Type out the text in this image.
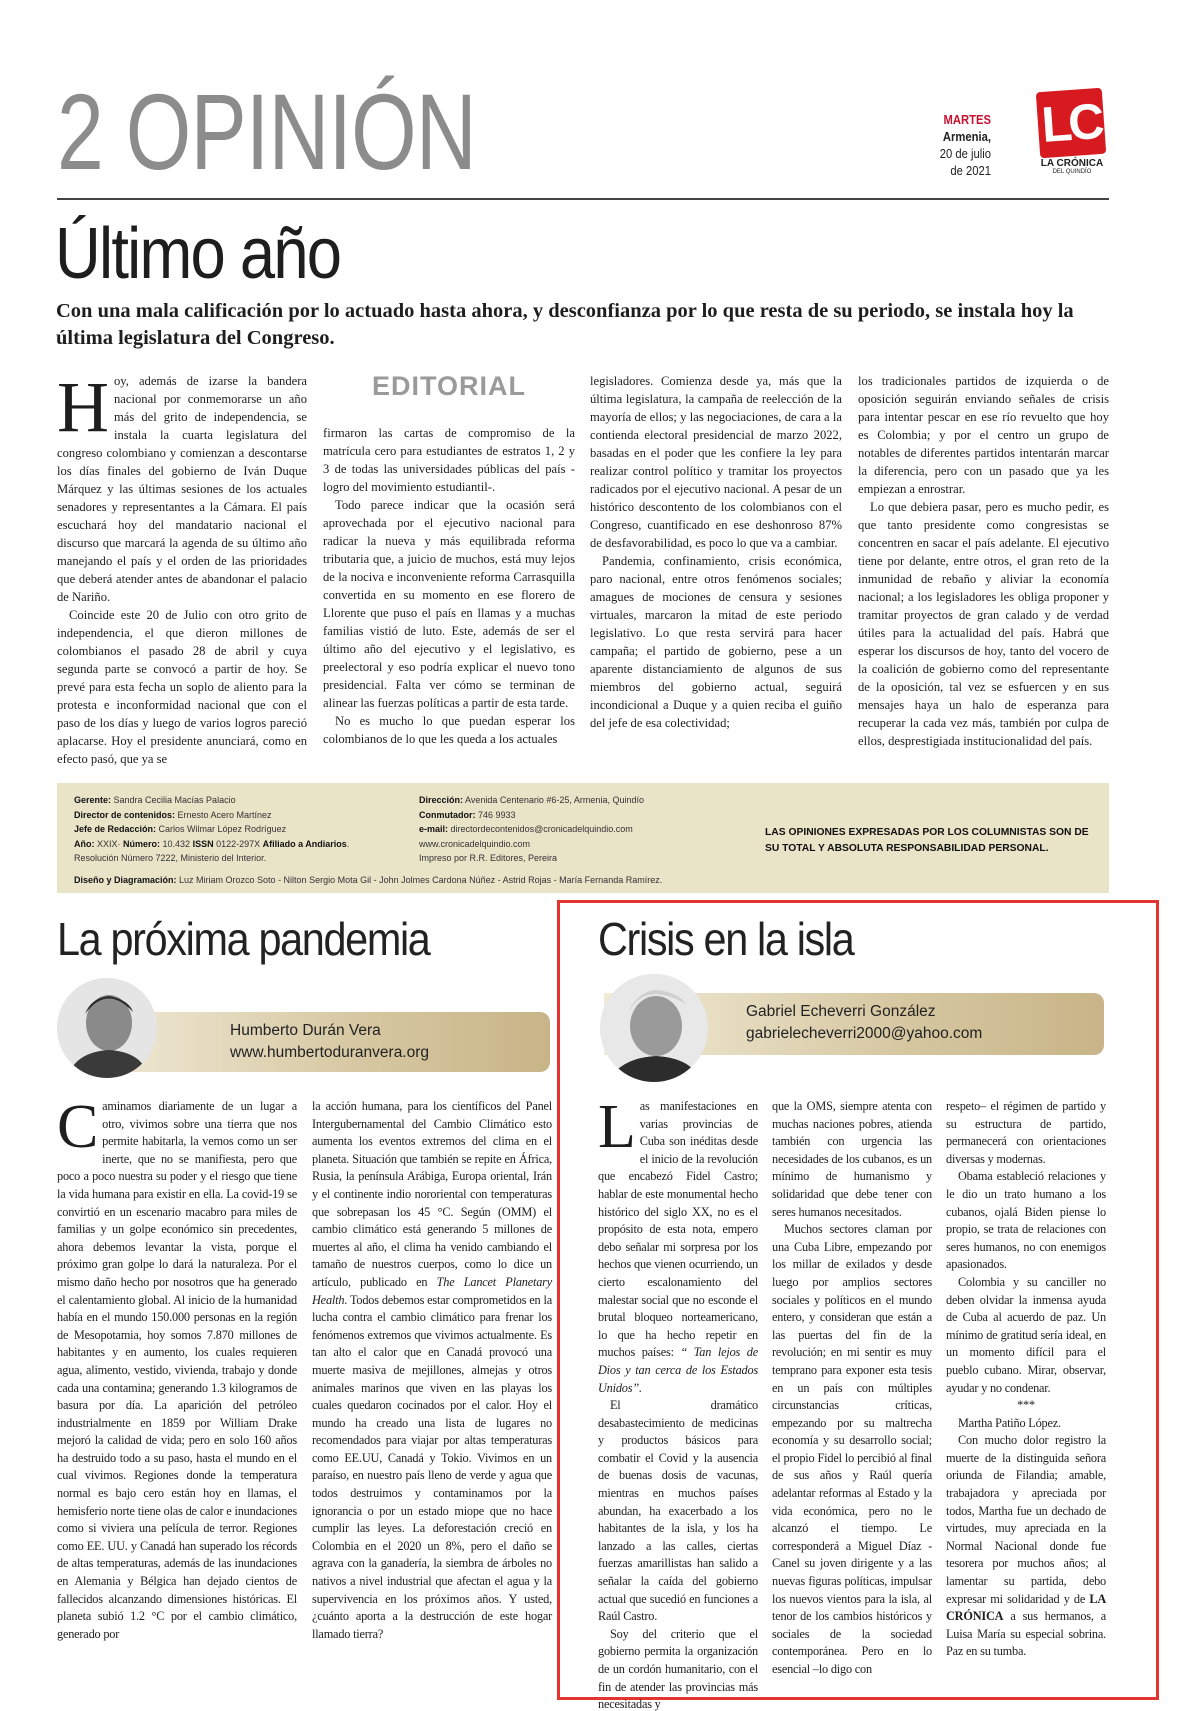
2 OPINIÓN	MARTES
Armenia,
20 de julio
de 2021
LC
LA CRÓNICA
DEL QUINDÍO
Último año
Con una mala calificación por lo actuado hasta ahora, y desconfianza por lo que resta de su periodo, se instala hoy la última legislatura del Congreso.

Hoy, además de izarse la bandera nacional por conmemorarse un año más del grito de independencia, se instala la cuarta legislatura del congreso colombiano y comienzan a descontarse los días finales del gobierno de Iván Duque Márquez y las últimas sesiones de los actuales senadores y representantes a la Cámara. El país escuchará hoy del mandatario nacional el discurso que marcará la agenda de su último año manejando el país y el orden de las prioridades que deberá atender antes de abandonar el palacio de Nariño.

Coincide este 20 de Julio con otro grito de independencia, el que dieron millones de colombianos el pasado 28 de abril y cuya segunda parte se convocó a partir de hoy. Se prevé para esta fecha un soplo de aliento para la protesta e inconformidad nacional que con el paso de los días y luego de varios logros pareció aplacarse. Hoy el presidente anunciará, como en efecto pasó, que ya se

EDITORIAL

firmaron las cartas de compromiso de la matrícula cero para estudiantes de estratos 1, 2 y 3 de todas las universidades públicas del país -logro del movimiento estudiantil-.

Todo parece indicar que la ocasión será aprovechada por el ejecutivo nacional para radicar la nueva y más equilibrada reforma tributaria que, a juicio de muchos, está muy lejos de la nociva e inconveniente reforma Carrasquilla convertida en su momento en ese florero de Llorente que puso el país en llamas y a muchas familias vistió de luto. Este, además de ser el último año del ejecutivo y el legislativo, es preelectoral y eso podría explicar el nuevo tono presidencial. Falta ver cómo se terminan de alinear las fuerzas políticas a partir de esta tarde.

No es mucho lo que puedan esperar los colombianos de lo que les queda a los actuales

legisladores. Comienza desde ya, más que la última legislatura, la campaña de reelección de la mayoría de ellos; y las negociaciones, de cara a la contienda electoral presidencial de marzo 2022, basadas en el poder que les confiere la ley para realizar control político y tramitar los proyectos radicados por el ejecutivo nacional. A pesar de un histórico descontento de los colombianos con el Congreso, cuantificado en ese deshonroso 87% de desfavorabilidad, es poco lo que va a cambiar.

Pandemia, confinamiento, crisis económica, paro nacional, entre otros fenómenos sociales; amagues de mociones de censura y sesiones virtuales, marcaron la mitad de este periodo legislativo. Lo que resta servirá para hacer campaña; el partido de gobierno, pese a un aparente distanciamiento de algunos de sus miembros del gobierno actual, seguirá incondicional a Duque y a quien reciba el guiño del jefe de esa colectividad;

los tradicionales partidos de izquierda o de oposición seguirán enviando señales de crisis para intentar pescar en ese río revuelto que hoy es Colombia; y por el centro un grupo de notables de diferentes partidos intentarán marcar la diferencia, pero con un pasado que ya les empiezan a enrostrar.

Lo que debiera pasar, pero es mucho pedir, es que tanto presidente como congresistas se concentren en sacar el país adelante. El ejecutivo tiene por delante, entre otros, el gran reto de la inmunidad de rebaño y aliviar la economía nacional; a los legisladores les obliga proponer y tramitar proyectos de gran calado y de verdad útiles para la actualidad del país. Habrá que esperar los discursos de hoy, tanto del vocero de la coalición de gobierno como del representante de la oposición, tal vez se esfuercen y en sus mensajes haya un halo de esperanza para recuperar la cada vez más, también por culpa de ellos, desprestigiada institucionalidad del país.

Gerente: Sandra Cecilia Macías Palacio
Director de contenidos: Ernesto Acero Martínez
Jefe de Redacción: Carlos Wilmar López Rodríguez
Año: XXIX· Número: 10.432 ISSN 0122-297X Afiliado a Andiarios.
Resolución Número 7222, Ministerio del Interior.
Dirección: Avenida Centenario #6-25, Armenia, Quindío
Conmutador: 746 9933
e-mail: directordecontenidos@cronicadelquindio.com
www.cronicadelquindio.com
Impreso por R.R. Editores, Pereira
Diseño y Diagramación: Luz Miriam Orozco Soto - Nilton Sergio Mota Gil - John Jolmes Cardona Núñez - Astrid Rojas - María Fernanda Ramírez.
LAS OPINIONES EXPRESADAS POR LOS COLUMNISTAS SON DE SU TOTAL Y ABSOLUTA RESPONSABILIDAD PERSONAL.
La próxima pandemia
Humberto Durán Vera
www.humbertoduranvera.org

Caminamos diariamente de un lugar a otro, vivimos sobre una tierra que nos permite habitarla, la vemos como un ser inerte, que no se manifiesta, pero que poco a poco nuestra su poder y el riesgo que tiene la vida humana para existir en ella. La covid-19 se convirtió en un escenario macabro para miles de familias y un golpe económico sin precedentes, ahora debemos levantar la vista, porque el próximo gran golpe lo dará la naturaleza. Por el mismo daño hecho por nosotros que ha generado el calentamiento global. Al inicio de la humanidad había en el mundo 150.000 personas en la región de Mesopotamia, hoy somos 7.870 millones de habitantes y en aumento, los cuales requieren agua, alimento, vestido, vivienda, trabajo y donde cada una contamina; generando 1.3 kilogramos de basura por día. La aparición del petróleo industrialmente en 1859 por William Drake mejoró la calidad de vida; pero en solo 160 años ha destruido todo a su paso, hasta el mundo en el cual vivimos. Regiones donde la temperatura normal es bajo cero están hoy en llamas, el hemisferio norte tiene olas de calor e inundaciones como si viviera una película de terror. Regiones como EE. UU. y Canadá han superado los récords de altas temperaturas, además de las inundaciones en Alemania y Bélgica han dejado cientos de fallecidos alcanzando dimensiones históricas. El planeta subió 1.2 °C por el cambio climático, generado por

la acción humana, para los científicos del Panel Intergubernamental del Cambio Climático esto aumenta los eventos extremos del clima en el planeta. Situación que también se repite en África, Rusia, la península Arábiga, Europa oriental, Irán y el continente indio nororiental con temperaturas que sobrepasan los 45 °C. Según (OMM) el cambio climático está generando 5 millones de muertes al año, el clima ha venido cambiando el tamaño de nuestros cuerpos, como lo dice un artículo, publicado en The Lancet Planetary Health. Todos debemos estar comprometidos en la lucha contra el cambio climático para frenar los fenómenos extremos que vivimos actualmente. Es tan alto el calor que en Canadá provocó una muerte masiva de mejillones, almejas y otros animales marinos que viven en las playas los cuales quedaron cocinados por el calor. Hoy el mundo ha creado una lista de lugares no recomendados para viajar por altas temperaturas como EE.UU, Canadá y Tokio. Vivimos en un paraíso, en nuestro país lleno de verde y agua que todos destruimos y contaminamos por la ignorancia o por un estado miope que no hace cumplir las leyes. La deforestación creció en Colombia en el 2020 un 8%, pero el daño se agrava con la ganadería, la siembra de árboles no nativos a nivel industrial que afectan el agua y la supervivencia en los próximos años. Y usted, ¿cuánto aporta a la destrucción de este hogar llamado tierra?

Crisis en la isla
Gabriel Echeverri González
gabrielecheverri2000@yahoo.com

Las manifestaciones en varias provincias de Cuba son inéditas desde el inicio de la revolución que encabezó Fidel Castro; hablar de este monumental hecho histórico del siglo XX, no es el propósito de esta nota, empero debo señalar mi sorpresa por los hechos que vienen ocurriendo, un cierto escalonamiento del malestar social que no esconde el brutal bloqueo norteamericano, lo que ha hecho repetir en muchos países: “ Tan lejos de Dios y tan cerca de los Estados Unidos”.

El dramático desabastecimiento de medicinas y productos básicos para combatir el Covid y la ausencia de buenas dosis de vacunas, mientras en muchos países abundan, ha exacerbado a los habitantes de la isla, y los ha lanzado a las calles, ciertas fuerzas amarillistas han salido a señalar la caída del gobierno actual que sucedió en funciones a Raúl Castro.

Soy del criterio que el gobierno permita la organización de un cordón humanitario, con el fin de atender las provincias más necesitadas y

que la OMS, siempre atenta con muchas naciones pobres, atienda también con urgencia las necesidades de los cubanos, es un mínimo de humanismo y solidaridad que debe tener con seres humanos necesitados.

Muchos sectores claman por una Cuba Libre, empezando por los millar de exilados y desde luego por amplios sectores sociales y políticos en el mundo entero, y consideran que están a las puertas del fin de la revolución; en mi sentir es muy temprano para exponer esta tesis en un país con múltiples circunstancias críticas, empezando por su maltrecha economía y su desarrollo social; el propio Fidel lo percibió al final de sus años y Raúl quería adelantar reformas al Estado y la vida económica, pero no le alcanzó el tiempo. Le corresponderá a Miguel Díaz -Canel su joven dirigente y a las nuevas figuras políticas, impulsar los nuevos vientos para la isla, al tenor de los cambios históricos y sociales de la sociedad contemporánea. Pero en lo esencial –lo digo con

respeto– el régimen de partido y su estructura de partido, permanecerá con orientaciones diversas y modernas.

Obama estableció relaciones y le dio un trato humano a los cubanos, ojalá Biden piense lo propio, se trata de relaciones con seres humanos, no con enemigos apasionados.

Colombia y su canciller no deben olvidar la inmensa ayuda de Cuba al acuerdo de paz. Un mínimo de gratitud sería ideal, en un momento difícil para el pueblo cubano. Mirar, observar, ayudar y no condenar.

***

Martha Patiño López.

Con mucho dolor registro la muerte de la distinguida señora oriunda de Filandia; amable, trabajadora y apreciada por todos, Martha fue un dechado de virtudes, muy apreciada en la Normal Nacional donde fue tesorera por muchos años; al lamentar su partida, debo expresar mi solidaridad y de LA CRÓNICA a sus hermanos, a Luisa María su especial sobrina. Paz en su tumba.
